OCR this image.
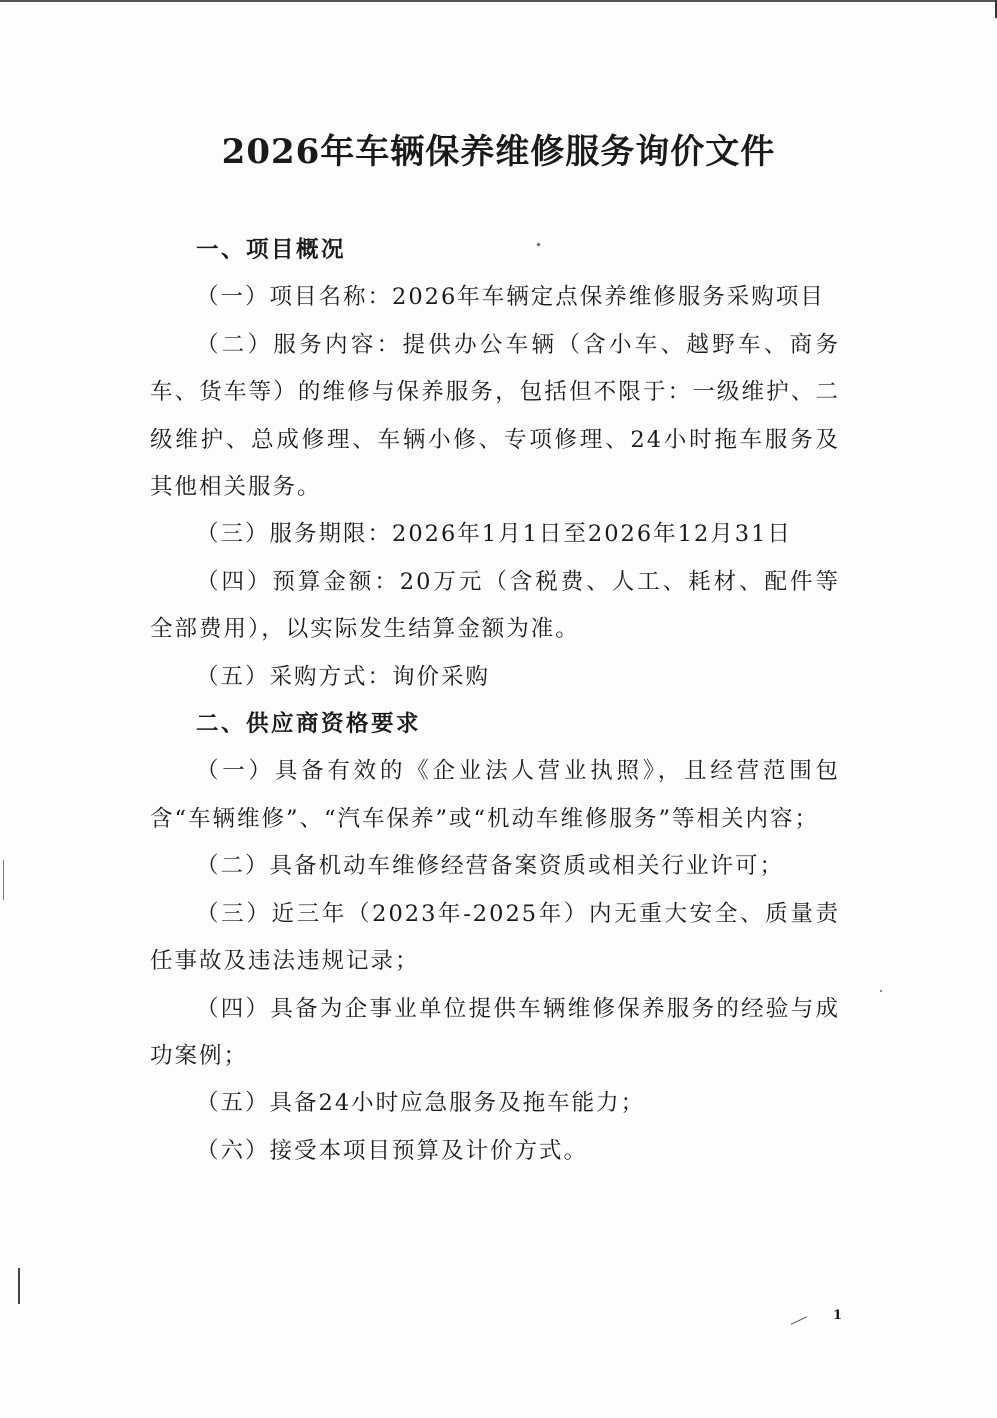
2026年车辆保养维修服务询价文件

一、项目概况

（一）项目名称：2026年车辆定点保养维修服务采购项目

（二）服务内容：提供办公车辆（含小车、越野车、商务车、货车等）的维修与保养服务，包括但不限于：一级维护、二级维护、总成修理、车辆小修、专项修理、24小时拖车服务及其他相关服务。

（三）服务期限：2026年1月1日至2026年12月31日

（四）预算金额：20万元（含税费、人工、耗材、配件等全部费用），以实际发生结算金额为准。

（五）采购方式：询价采购

二、供应商资格要求

（一）具备有效的《企业法人营业执照》，且经营范围包含“车辆维修”、“汽车保养”或“机动车维修服务”等相关内容；

（二）具备机动车维修经营备案资质或相关行业许可；

（三）近三年（2023年-2025年）内无重大安全、质量责任事故及违法违规记录；

（四）具备为企事业单位提供车辆维修保养服务的经验与成功案例；

（五）具备24小时应急服务及拖车能力；

（六）接受本项目预算及计价方式。

1
